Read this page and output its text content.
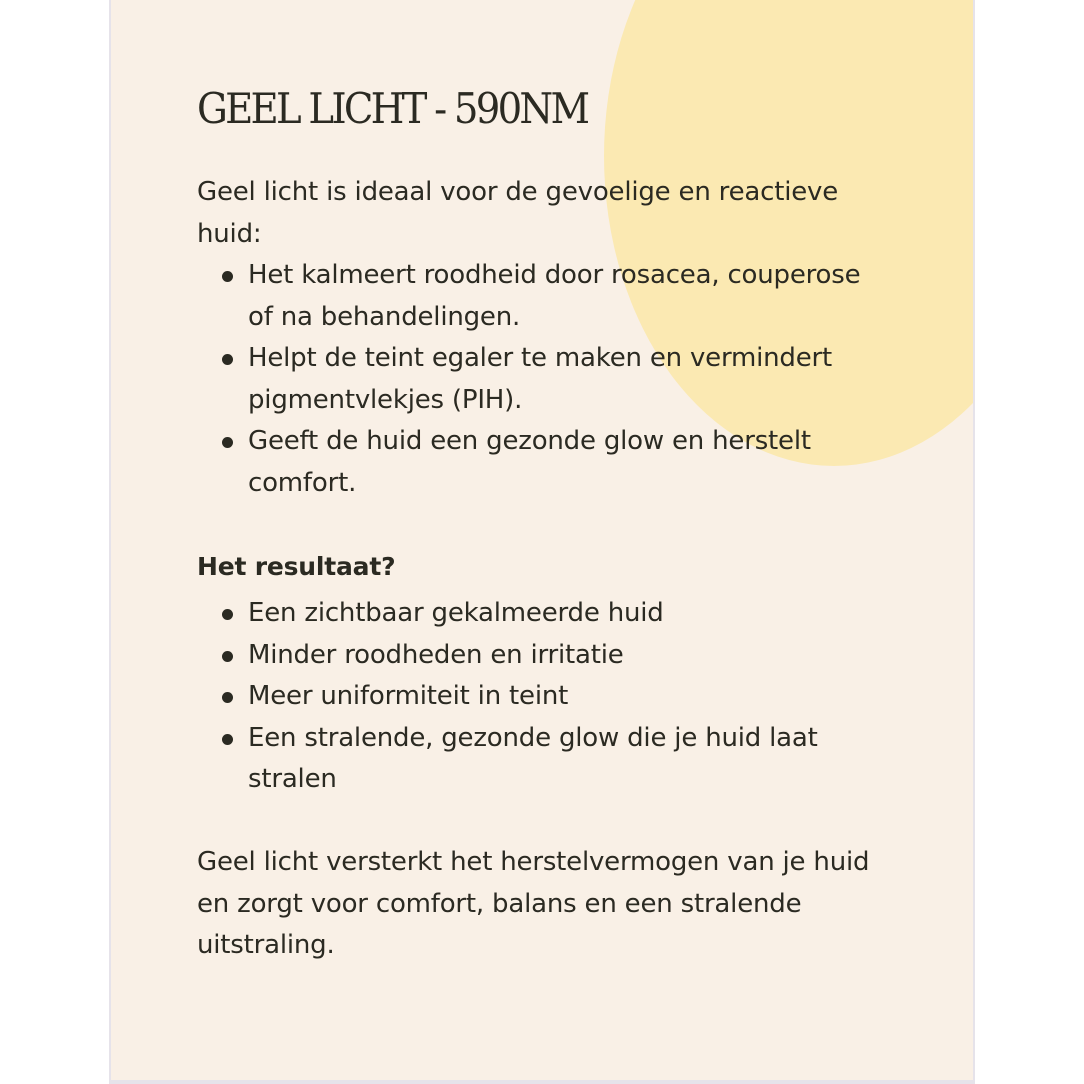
GEEL LICHT - 590NM

Geel licht is ideaal voor de gevoelige en reactieve huid:

Het kalmeert roodheid door rosacea, couperose of na behandelingen.
Helpt de teint egaler te maken en vermindert pigmentvlekjes (PIH).
Geeft de huid een gezonde glow en herstelt comfort.

Het resultaat?

Een zichtbaar gekalmeerde huid
Minder roodheden en irritatie
Meer uniformiteit in teint
Een stralende, gezonde glow die je huid laat stralen

Geel licht versterkt het herstelvermogen van je huid en zorgt voor comfort, balans en een stralende uitstraling.
